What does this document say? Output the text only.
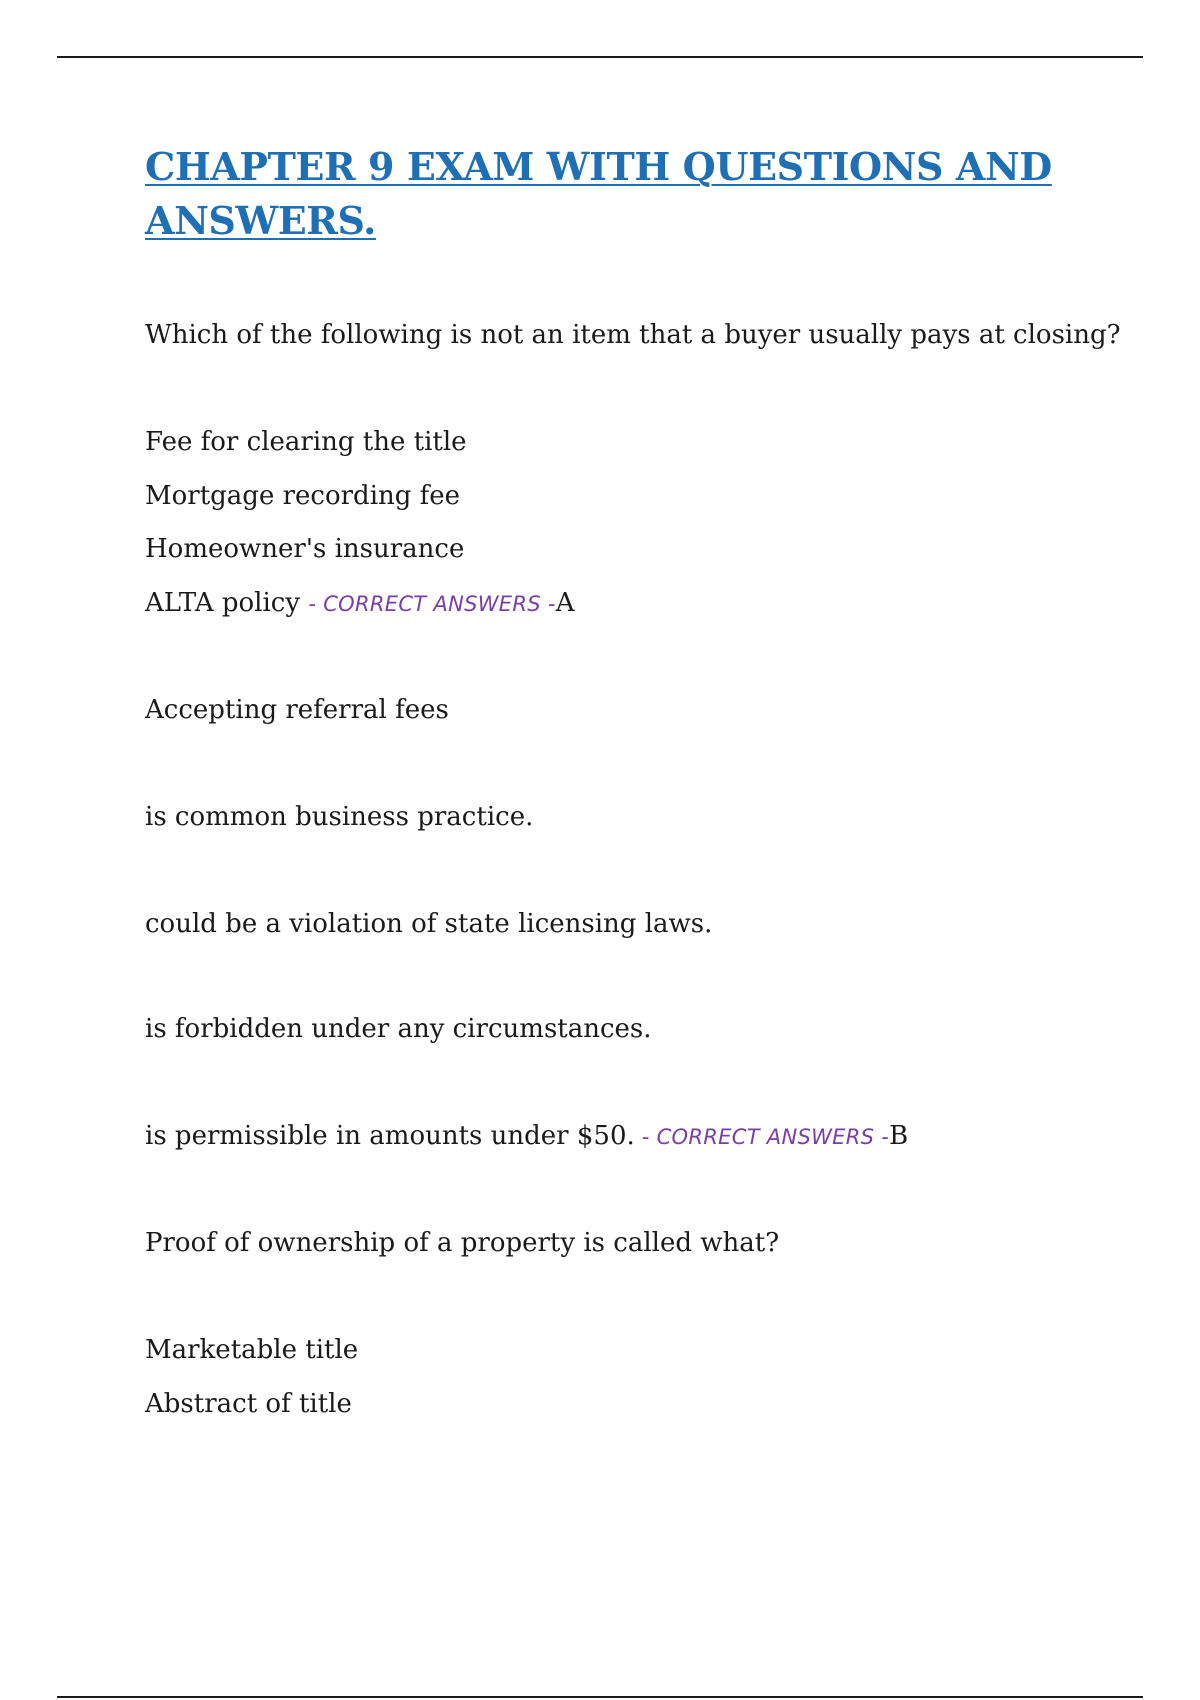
CHAPTER 9 EXAM WITH QUESTIONS AND ANSWERS.

Which of the following is not an item that a buyer usually pays at closing?

Fee for clearing the title

Mortgage recording fee

Homeowner's insurance

ALTA policy - CORRECT ANSWERS -A

Accepting referral fees

is common business practice.

could be a violation of state licensing laws.

is forbidden under any circumstances.

is permissible in amounts under $50. - CORRECT ANSWERS -B

Proof of ownership of a property is called what?

Marketable title

Abstract of title
